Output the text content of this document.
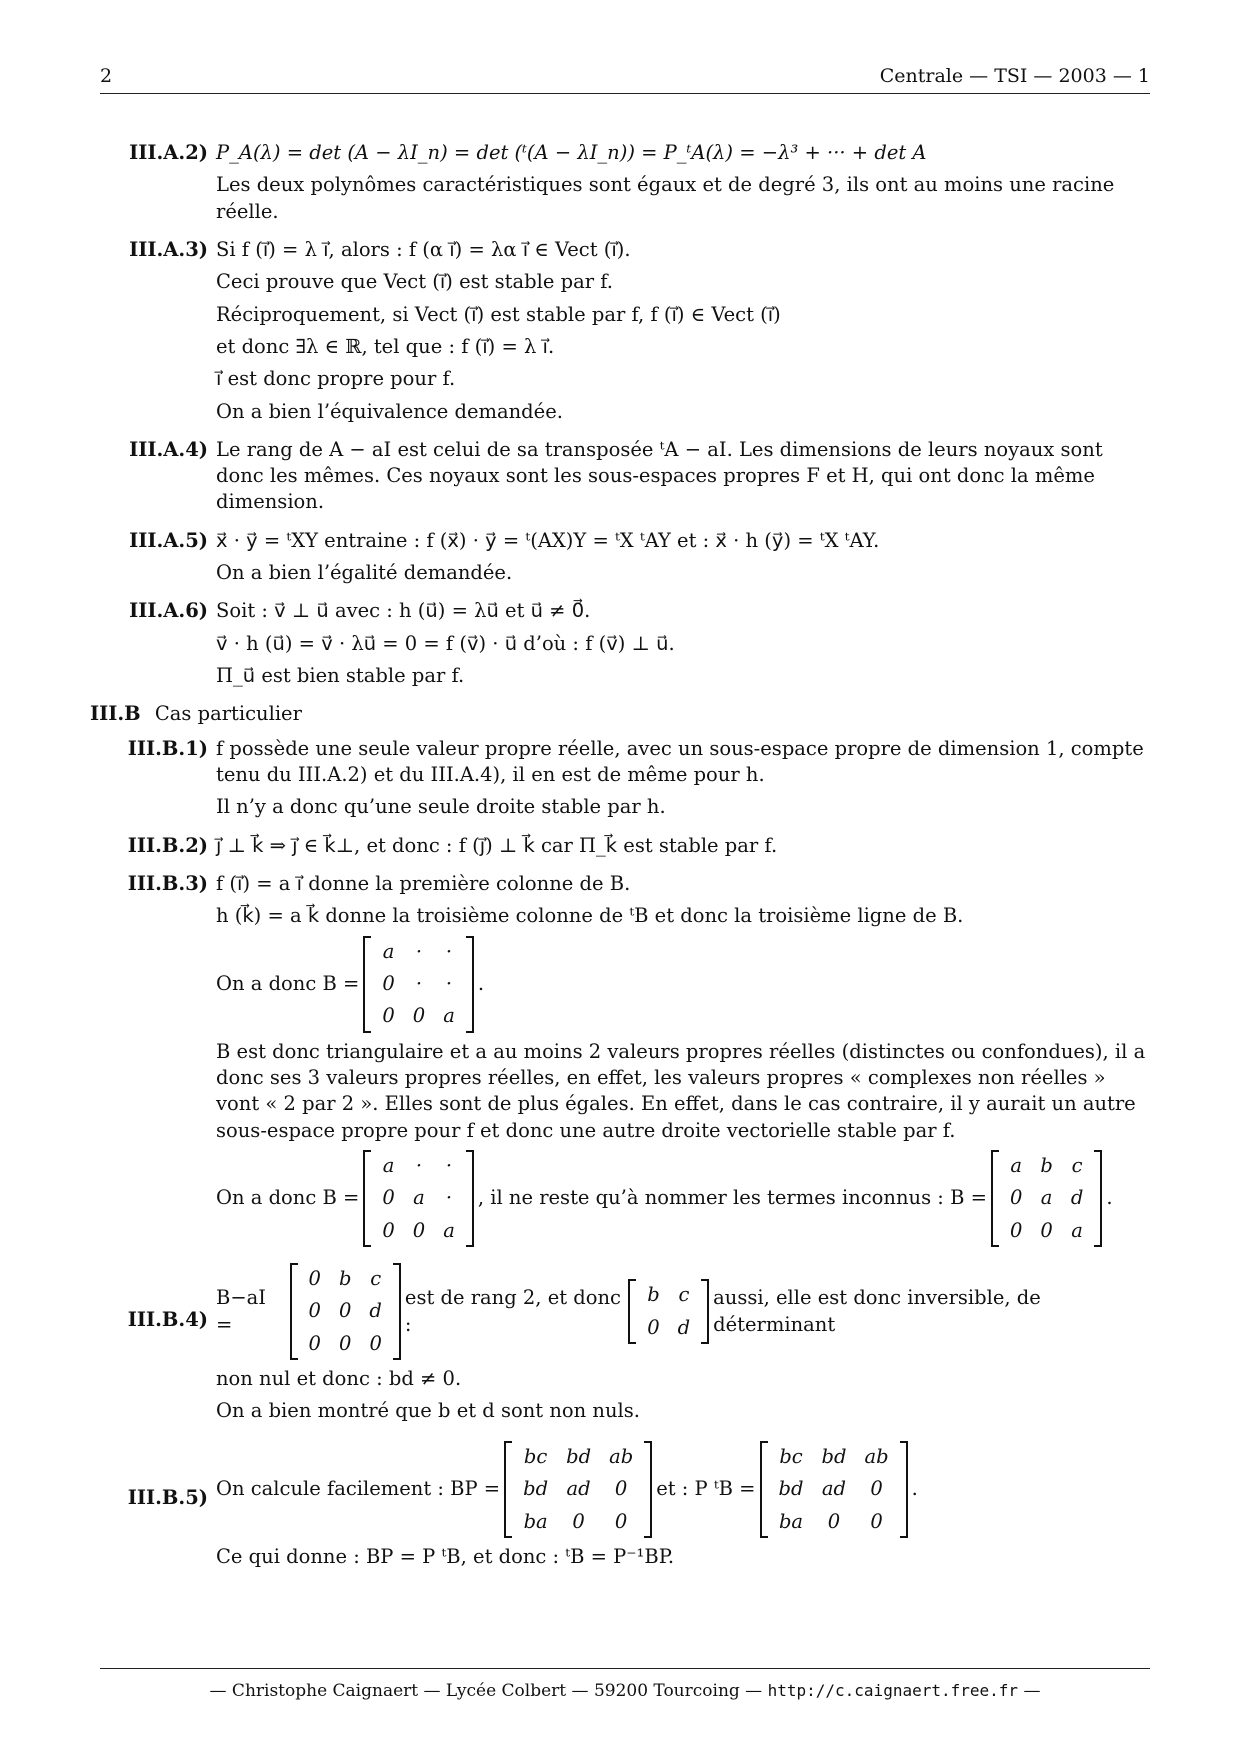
2	Centrale — TSI — 2003 — 1
III.A.2) P_A(λ) = det (A − λI_n) = det (ᵗ(A − λI_n)) = P_ᵗA(λ) = −λ³ + ··· + det A

Les deux polynômes caractéristiques sont égaux et de degré 3, ils ont au moins une racine réelle.

III.A.3) Si f (i⃗) = λ i⃗, alors : f (α i⃗) = λα i⃗ ∈ Vect (i⃗).

Ceci prouve que Vect (i⃗) est stable par f.

Réciproquement, si Vect (i⃗) est stable par f, f (i⃗) ∈ Vect (i⃗)

et donc ∃λ ∈ ℝ, tel que : f (i⃗) = λ i⃗.

i⃗ est donc propre pour f.

On a bien l’équivalence demandée.

III.A.4) Le rang de A − aI est celui de sa transposée ᵗA − aI. Les dimensions de leurs noyaux sont donc les mêmes. Ces noyaux sont les sous-espaces propres F et H, qui ont donc la même dimension.

III.A.5) x⃗ · y⃗ = ᵗXY entraine : f (x⃗) · y⃗ = ᵗ(AX)Y = ᵗX ᵗAY et : x⃗ · h (y⃗) = ᵗX ᵗAY.

On a bien l’égalité demandée.

III.A.6) Soit : v⃗ ⊥ u⃗ avec : h (u⃗) = λu⃗ et u⃗ ≠ 0⃗.

v⃗ · h (u⃗) = v⃗ · λu⃗ = 0 = f (v⃗) · u⃗ d’où : f (v⃗) ⊥ u⃗.

Π_u⃗ est bien stable par f.

III.B Cas particulier
III.B.1) f possède une seule valeur propre réelle, avec un sous-espace propre de dimension 1, compte tenu du III.A.2) et du III.A.4), il en est de même pour h.

Il n’y a donc qu’une seule droite stable par h.

III.B.2) j⃗ ⊥ k⃗ ⇒ j⃗ ∈ k⃗⊥, et donc : f (j⃗) ⊥ k⃗ car Π_k⃗ est stable par f.

III.B.3) f (i⃗) = a i⃗ donne la première colonne de B.

h (k⃗) = a k⃗ donne la troisième colonne de ᵗB et donc la troisième ligne de B.

On a donc B =
a	·	·
0	·	·
0	0	a
.

B est donc triangulaire et a au moins 2 valeurs propres réelles (distinctes ou confondues), il a donc ses 3 valeurs propres réelles, en effet, les valeurs propres « complexes non réelles » vont « 2 par 2 ». Elles sont de plus égales. En effet, dans le cas contraire, il y aurait un autre sous-espace propre pour f et donc une autre droite vectorielle stable par f.

On a donc B =
a	·	·
0	a	·
0	0	a
, il ne reste qu’à nommer les termes inconnus : B =
a	b	c
0	a	d
0	0	a
.
III.B.4)
B−aI =
0	b	c
0	0	d
0	0	0
est de rang 2, et donc :
b	c
0	d
aussi, elle est donc inversible, de déterminant

non nul et donc : bd ≠ 0.

On a bien montré que b et d sont non nuls.

III.B.5) On calcule facilement : BP =
bc	bd	ab
bd	ad	0
ba	0	0
et : P ᵗB =
bc	bd	ab
bd	ad	0
ba	0	0
.

Ce qui donne : BP = P ᵗB, et donc : ᵗB = P⁻¹BP.

— Christophe Caignaert — Lycée Colbert — 59200 Tourcoing — http://c.caignaert.free.fr —
